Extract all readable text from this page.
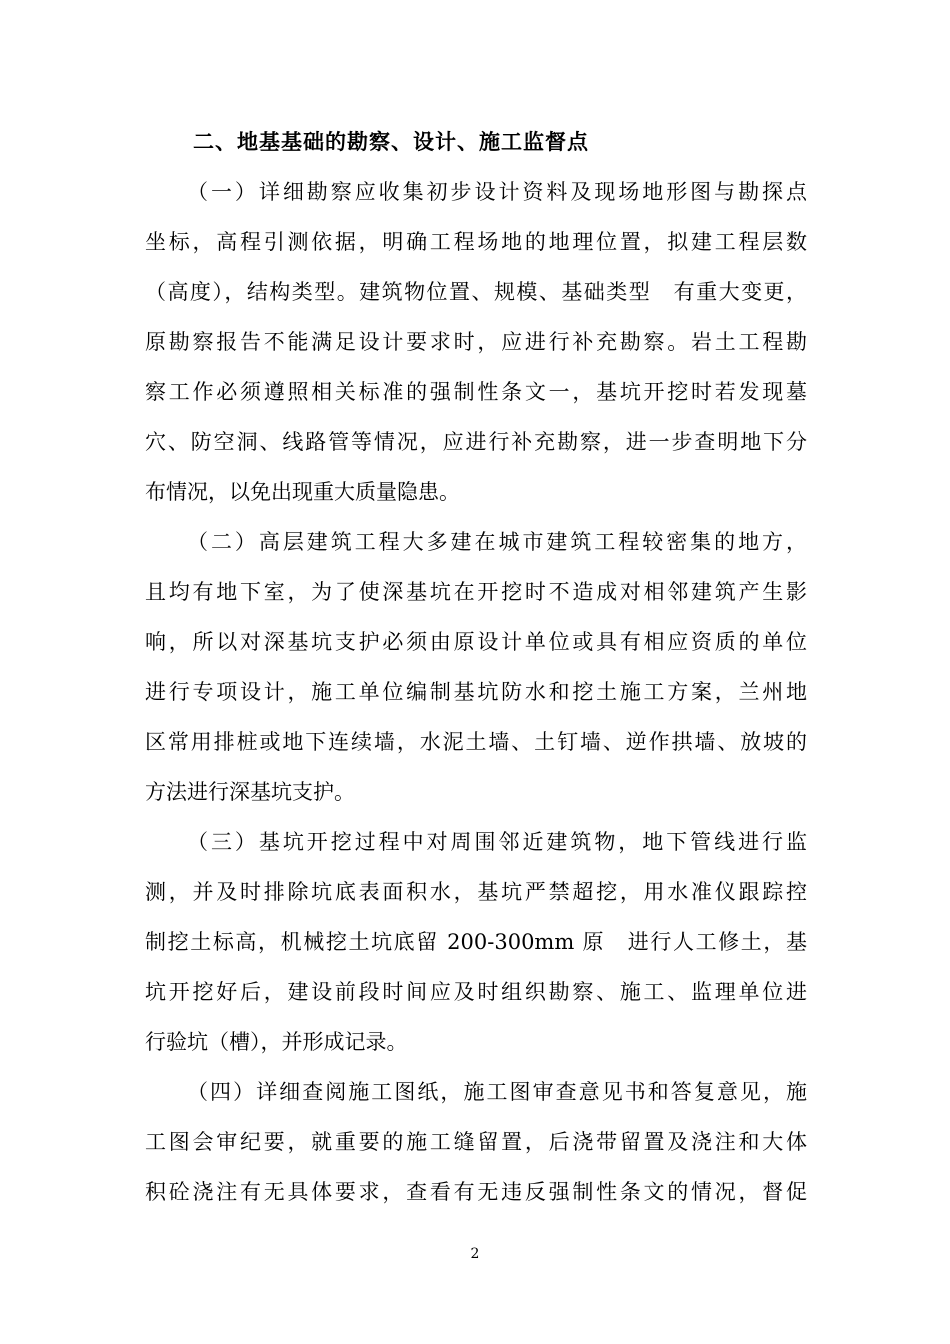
二、地基基础的勘察、设计、施工监督点
（一）详细勘察应收集初步设计资料及现场地形图与勘探点
坐标，高程引测依据，明确工程场地的地理位置，拟建工程层数
（高度），结构类型。建筑物位置、规模、基础类型　有重大变更，
原勘察报告不能满足设计要求时，应进行补充勘察。岩土工程勘
察工作必须遵照相关标准的强制性条文一，基坑开挖时若发现墓
穴、防空洞、线路管等情况，应进行补充勘察，进一步查明地下分
布情况，以免出现重大质量隐患。
（二）高层建筑工程大多建在城市建筑工程较密集的地方，
且均有地下室，为了使深基坑在开挖时不造成对相邻建筑产生影
响，所以对深基坑支护必须由原设计单位或具有相应资质的单位
进行专项设计，施工单位编制基坑防水和挖土施工方案，兰州地
区常用排桩或地下连续墙，水泥土墙、土钉墙、逆作拱墙、放坡的
方法进行深基坑支护。
（三）基坑开挖过程中对周围邻近建筑物，地下管线进行监
测，并及时排除坑底表面积水，基坑严禁超挖，用水准仪跟踪控
制挖土标高，机械挖土坑底留 200-300mm 原　进行人工修土，基
坑开挖好后，建设前段时间应及时组织勘察、施工、监理单位进
行验坑（槽），并形成记录。
（四）详细查阅施工图纸，施工图审查意见书和答复意见，施
工图会审纪要，就重要的施工缝留置，后浇带留置及浇注和大体
积砼浇注有无具体要求，查看有无违反强制性条文的情况，督促
2
